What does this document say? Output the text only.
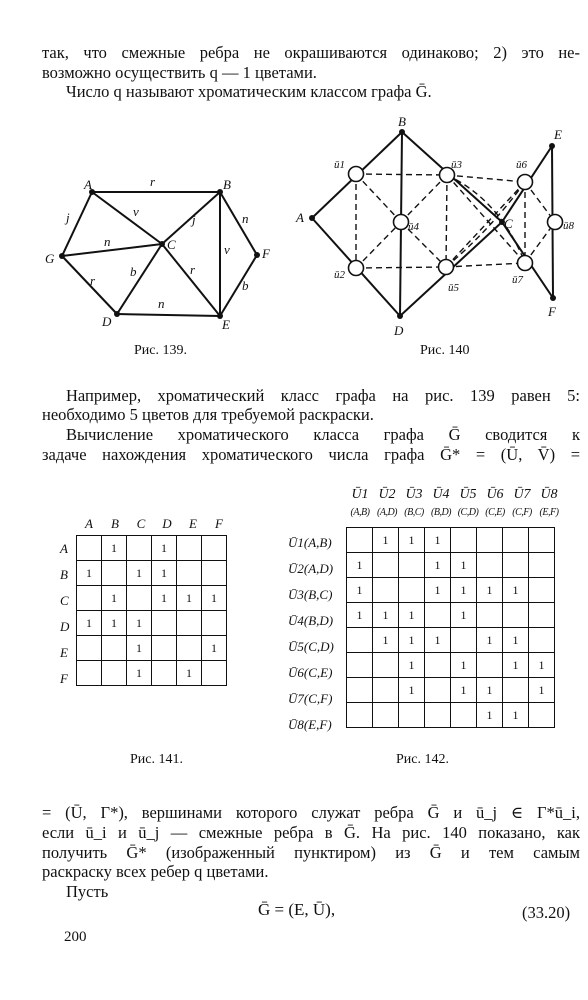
так, что смежные ребра не окрашиваются одинаково; 2) это не-
возможно осуществить q — 1 цветами.
Число q называют хроматическим классом графа Ḡ.
A	B
C
D	E
F
G
r
j	v
n
r
b
n
j
r
v
n
b
Рис. 139.
A
B
C
D
E
F
ū1
ū2
ū3
ū4
ū5
ū6
ū7
ū8
Рис. 140
Например, хроматический класс графа на рис. 139 равен 5:
необходимо 5 цветов для требуемой раскраски.
Вычисление хроматического класса графа Ḡ сводится к
задаче нахождения хроматического числа графа Ḡ* = (Ū, V̄) =
A	B	C	D	E	F
A
B
C
D
E
F
	1		1		
1		1	1		
	1		1	1	1
1	1	1			
		1			1
		1		1	
Рис. 141.
Ū1 Ū2 Ū3 Ū4 Ū5 Ū6 Ū7 Ū8
(A,B) (A,D) (B,C) (B,D) (C,D) (C,E) (C,F) (E,F)
Ū1(A,B)
Ū2(A,D)
Ū3(B,C)
Ū4(B,D)
Ū5(C,D)
Ū6(C,E)
Ū7(C,F)
Ū8(E,F)
	1	1	1				
1			1	1			
1			1	1	1	1	
1	1	1		1			
	1	1	1		1	1	
		1		1		1	1
		1		1	1		1
					1	1	
Рис. 142.
= (Ū, Γ*), вершинами которого служат ребра Ḡ и ū_j ∈ Γ*ū_i,
если ū_i и ū_j — смежные ребра в Ḡ. На рис. 140 показано, как
получить Ḡ* (изображенный пунктиром) из Ḡ и тем самым
раскраску всех ребер q цветами.
Пусть
Ḡ = (E, Ū),	(33.20)
200
